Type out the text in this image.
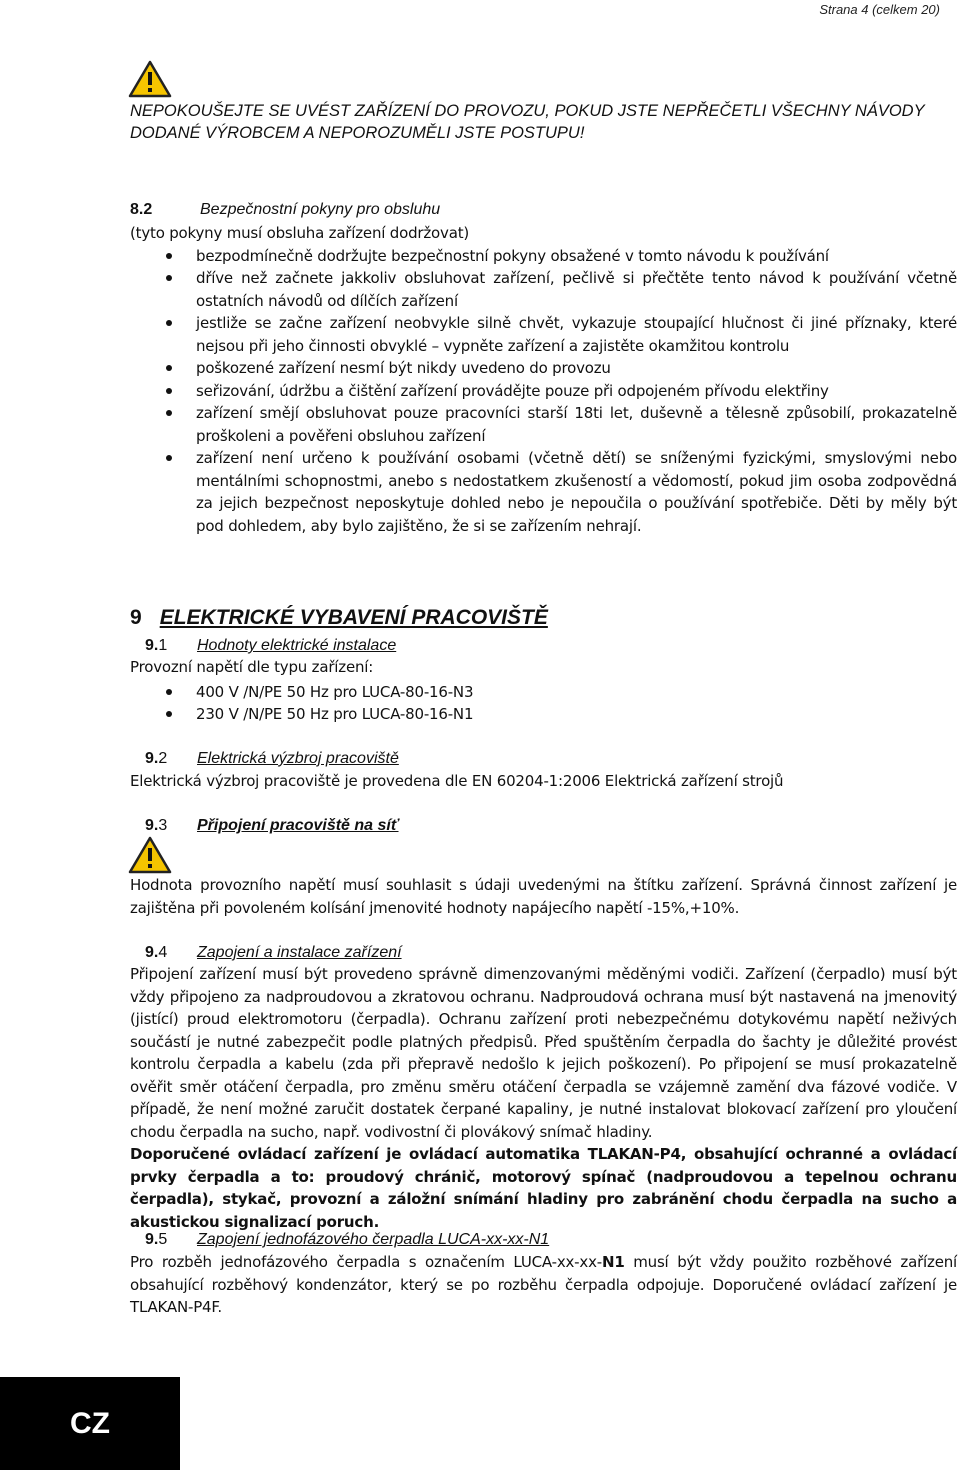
Strana 4 (celkem 20)
NEPOKOUŠEJTE SE UVÉST ZAŘÍZENÍ DO PROVOZU, POKUD JSTE NEPŘEČETLI VŠECHNY NÁVODY DODANÉ VÝROBCEM A NEPOROZUMĚLI JSTE POSTUPU!
8.2	Bezpečnostní pokyny pro obsluhu
(tyto pokyny musí obsluha zařízení dodržovat)
bezpodmínečně dodržujte bezpečnostní pokyny obsažené v tomto návodu k používání
dříve než začnete jakkoliv obsluhovat zařízení, pečlivě si přečtěte tento návod k používání včetně ostatních návodů od dílčích zařízení
jestliže se začne zařízení neobvykle silně chvět, vykazuje stoupající hlučnost či jiné příznaky, které nejsou při jeho činnosti obvyklé – vypněte zařízení a zajistěte okamžitou kontrolu
poškozené zařízení nesmí být nikdy uvedeno do provozu
seřizování, údržbu a čištění zařízení provádějte pouze při odpojeném přívodu elektřiny
zařízení smějí obsluhovat pouze pracovníci starší 18ti let, duševně a tělesně způsobilí, prokazatelně proškoleni a pověřeni obsluhou zařízení
zařízení není určeno k používání osobami (včetně dětí) se sníženými fyzickými, smyslovými nebo mentálními schopnostmi, anebo s nedostatkem zkušeností a vědomostí, pokud jim osoba zodpovědná za jejich bezpečnost neposkytuje dohled nebo je nepoučila o používání spotřebiče. Děti by měly být pod dohledem, aby bylo zajištěno, že si se zařízením nehrají.
9 ELEKTRICKÉ VYBAVENÍ PRACOVIŠTĚ
9.1 Hodnoty elektrické instalace
Provozní napětí dle typu zařízení:
400 V /N/PE 50 Hz pro LUCA-80-16-N3
230 V /N/PE 50 Hz pro LUCA-80-16-N1
9.2 Elektrická výzbroj pracoviště
Elektrická výzbroj pracoviště je provedena dle EN 60204-1:2006 Elektrická zařízení strojů
9.3 Připojení pracoviště na síť
Hodnota provozního napětí musí souhlasit s údaji uvedenými na štítku zařízení. Správná činnost zařízení je zajištěna při povoleném kolísání jmenovité hodnoty napájecího napětí -15%,+10%.
9.4 Zapojení a instalace zařízení
Připojení zařízení musí být provedeno správně dimenzovanými měděnými vodiči. Zařízení (čerpadlo) musí být vždy připojeno za nadproudovou a zkratovou ochranu. Nadproudová ochrana musí být nastavená na jmenovitý (jistící) proud elektromotoru (čerpadla). Ochranu zařízení proti nebezpečnému dotykovému napětí neživých součástí je nutné zabezpečit podle platných předpisů. Před spuštěním čerpadla do šachty je důležité provést kontrolu čerpadla a kabelu (zda při přepravě nedošlo k jejich poškození). Po připojení se musí prokazatelně ověřit směr otáčení čerpadla, pro změnu směru otáčení čerpadla se vzájemně zamění dva fázové vodiče. V případě, že není možné zaručit dostatek čerpané kapaliny, je nutné instalovat blokovací zařízení pro yloučení chodu čerpadla na sucho, např. vodivostní či plovákový snímač hladiny.
Doporučené ovládací zařízení je ovládací automatika TLAKAN-P4, obsahující ochranné a ovládací prvky čerpadla a to: proudový chránič, motorový spínač (nadproudovou a tepelnou ochranu čerpadla), stykač, provozní a záložní snímání hladiny pro zabránění chodu čerpadla na sucho a akustickou signalizací poruch.
9.5 Zapojení jednofázového čerpadla LUCA-xx-xx-N1
Pro rozběh jednofázového čerpadla s označením LUCA-xx-xx-N1 musí být vždy použito rozběhové zařízení obsahující rozběhový kondenzátor, který se po rozběhu čerpadla odpojuje. Doporučené ovládací zařízení je TLAKAN-P4F.
CZ
